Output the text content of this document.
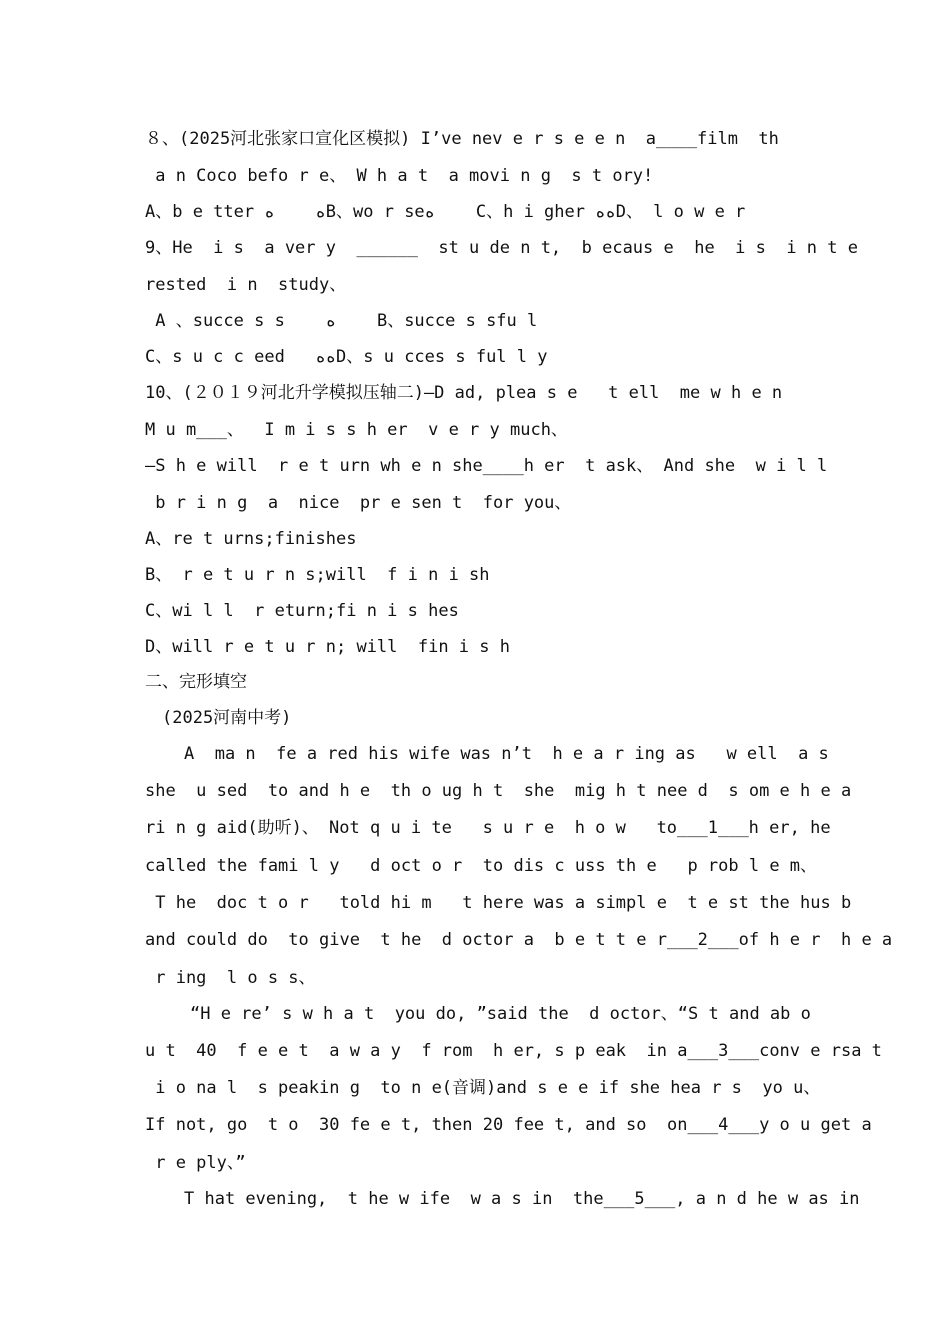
８、(2025河北张家口宣化区模拟) I’ve nev e r s e e n  a____film  th
a n Coco befo r e、 W h a t  a movi n g  s t ory!
A、b e tter ﻩ    ﻩB、wo r seﻩ    C、h i gher ﻩﻩD、 l o w e r
9、He  i s  a ver y  ______  st u de n t,  b ecaus e  he  i s  i n t e
rested  i n  study、
A 、succe s s    ﻩ    B、succe s sfu l
C、s u c c eed   ﻩﻩD、s u cces s ful l y
10、(２０１９河北升学模拟压轴二)—D ad, plea s e   t ell  me w h e n
M u m___、  I m i s s h er  v e r y much、
—S h e will  r e t urn wh e n she____h er  t ask、 And she  w i l l
b r i n g  a  nice  pr e sen t  for you、
A、re t urns;finishes
B、 r e t u r n s;will  f i n i sh
C、wi l l  r eturn;fi n i s hes
D、will r e t u r n; will  fin i s h
二、完形填空
(2025河南中考)
A  ma n  fe a red his wife was n’t  h e a r ing as   w ell  a s
she  u sed  to and h e  th o ug h t  she  mig h t nee d  s om e h e a
ri n g aid(助听)、 Not q u i te   s u r e  h o w   to___1___h er, he
called the fami l y   d oct o r  to dis c uss th e   p rob l e m、
T he  doc t o r   told hi m   t here was a simpl e  t e st the hus b
and could do  to give  t he  d octor a  b e t t e r___2___of h e r  h e a
r ing  l o s s、
“H e re’ s w h a t  you do, ”said the  d octor、“S t and ab o
u t  40  f e e t  a w a y  f rom  h er, s p eak  in a___3___conv e rsa t
i o na l  s peakin g  to n e(音调)and s e e if she hea r s  yo u、
If not, go  t o  30 fe e t, then 20 fee t, and so  on___4___y o u get a
r e ply、”
T hat evening,  t he w ife  w a s in  the___5___, a n d he w as in
